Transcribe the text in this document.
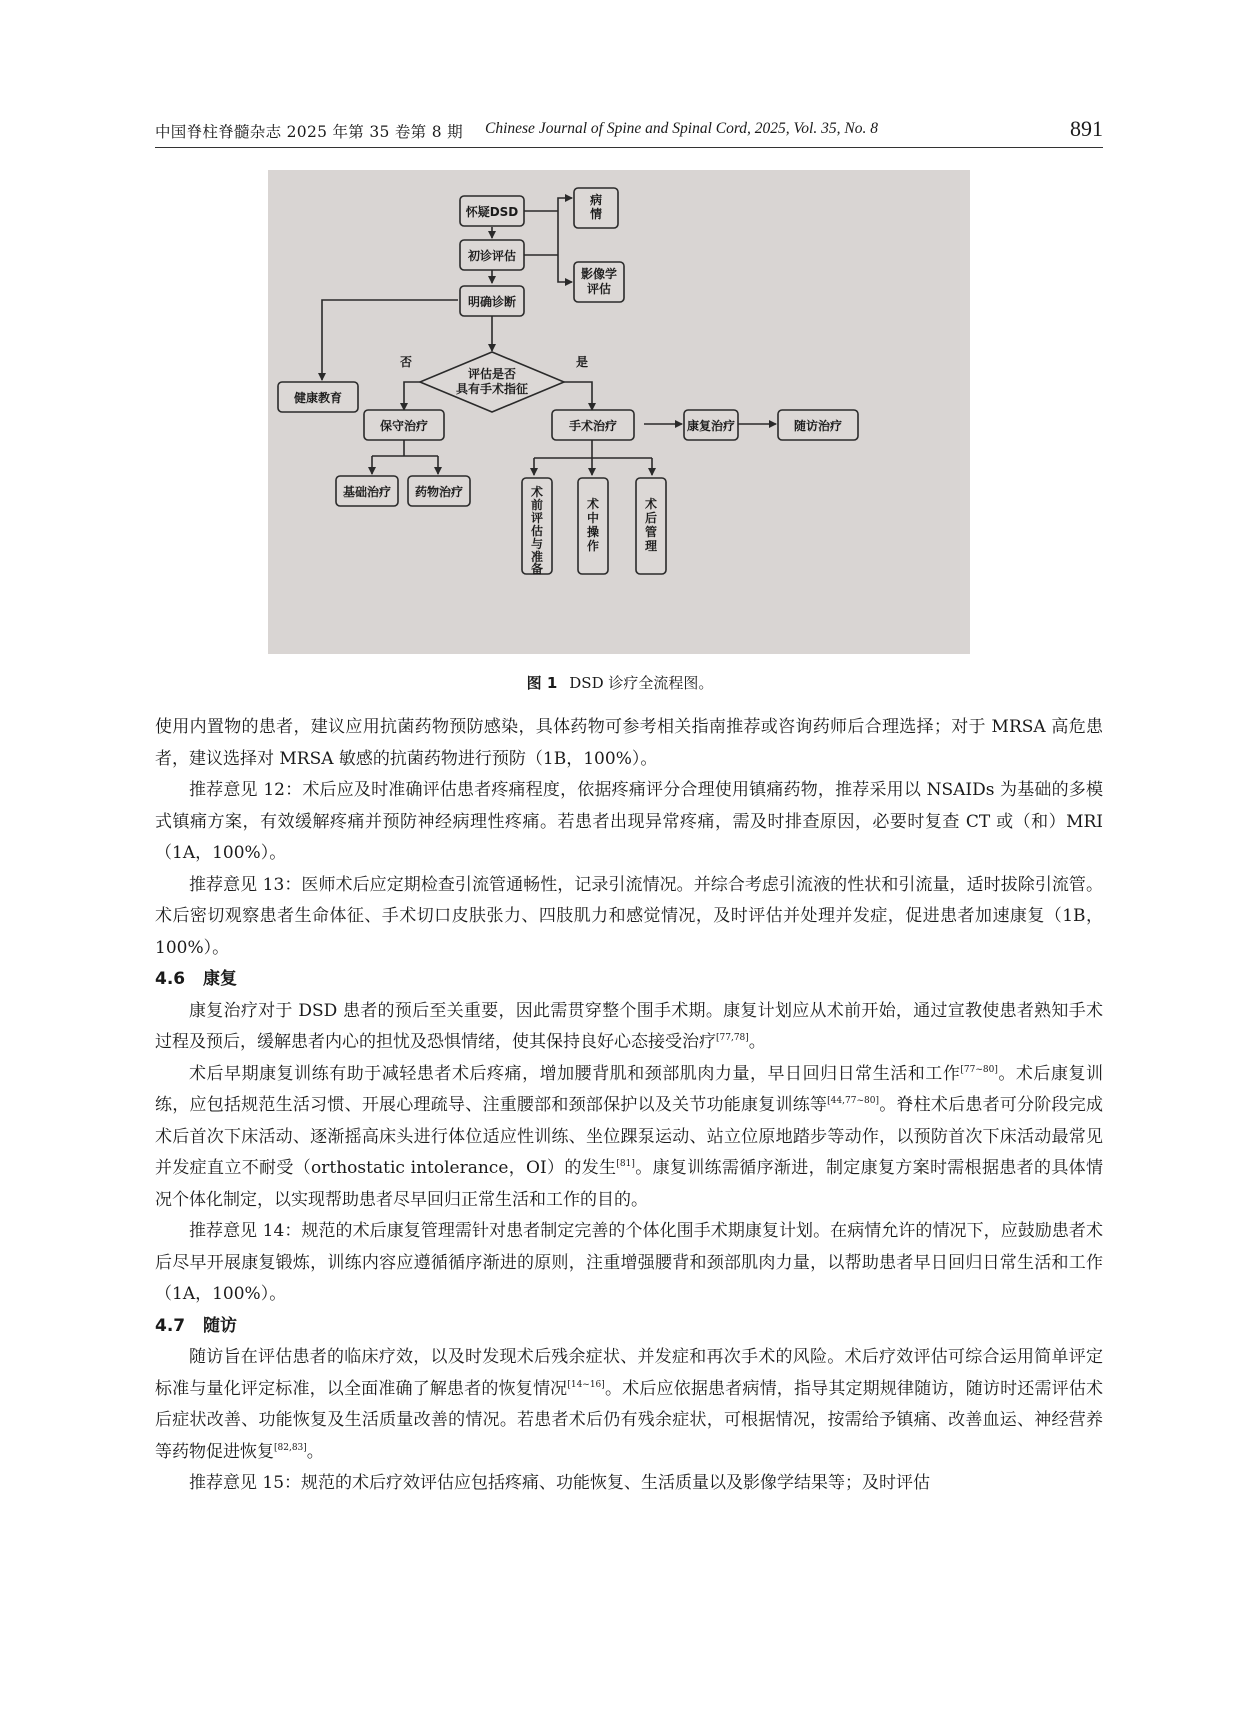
中国脊柱脊髓杂志 2025 年第 35 卷第 8 期 Chinese Journal of Spine and Spinal Cord, 2025, Vol. 35, No. 8	891
怀疑DSD
初诊评估
明确诊断
病
情
影像学
评估
评估是否
具有手术指征
否	是
健康教育
保守治疗	手术治疗	康复治疗	随访治疗
基础治疗 药物治疗	术
前
评
估
与
准
备
术
中
操
作
术
后
管
理
图 1 DSD 诊疗全流程图。

使用内置物的患者，建议应用抗菌药物预防感染，具体药物可参考相关指南推荐或咨询药师后合理选择；对于 MRSA 高危患者，建议选择对 MRSA 敏感的抗菌药物进行预防（1B，100%）。

推荐意见 12：术后应及时准确评估患者疼痛程度，依据疼痛评分合理使用镇痛药物，推荐采用以 NSAIDs 为基础的多模式镇痛方案，有效缓解疼痛并预防神经病理性疼痛。若患者出现异常疼痛，需及时排查原因，必要时复查 CT 或（和）MRI（1A，100%）。

推荐意见 13：医师术后应定期检查引流管通畅性，记录引流情况。并综合考虑引流液的性状和引流量，适时拔除引流管。术后密切观察患者生命体征、手术切口皮肤张力、四肢肌力和感觉情况，及时评估并处理并发症，促进患者加速康复（1B，100%）。

4.6 康复

康复治疗对于 DSD 患者的预后至关重要，因此需贯穿整个围手术期。康复计划应从术前开始，通过宣教使患者熟知手术过程及预后，缓解患者内心的担忧及恐惧情绪，使其保持良好心态接受治疗[77,78]。

术后早期康复训练有助于减轻患者术后疼痛，增加腰背肌和颈部肌肉力量，早日回归日常生活和工作[77~80]。术后康复训练，应包括规范生活习惯、开展心理疏导、注重腰部和颈部保护以及关节功能康复训练等[44,77~80]。脊柱术后患者可分阶段完成术后首次下床活动、逐渐摇高床头进行体位适应性训练、坐位踝泵运动、站立位原地踏步等动作，以预防首次下床活动最常见并发症直立不耐受（orthostatic intolerance，OI）的发生[81]。康复训练需循序渐进，制定康复方案时需根据患者的具体情况个体化制定，以实现帮助患者尽早回归正常生活和工作的目的。

推荐意见 14：规范的术后康复管理需针对患者制定完善的个体化围手术期康复计划。在病情允许的情况下，应鼓励患者术后尽早开展康复锻炼，训练内容应遵循循序渐进的原则，注重增强腰背和颈部肌肉力量，以帮助患者早日回归日常生活和工作（1A，100%）。

4.7 随访

随访旨在评估患者的临床疗效，以及时发现术后残余症状、并发症和再次手术的风险。术后疗效评估可综合运用简单评定标准与量化评定标准，以全面准确了解患者的恢复情况[14~16]。术后应依据患者病情，指导其定期规律随访，随访时还需评估术后症状改善、功能恢复及生活质量改善的情况。若患者术后仍有残余症状，可根据情况，按需给予镇痛、改善血运、神经营养等药物促进恢复[82,83]。

推荐意见 15：规范的术后疗效评估应包括疼痛、功能恢复、生活质量以及影像学结果等；及时评估
